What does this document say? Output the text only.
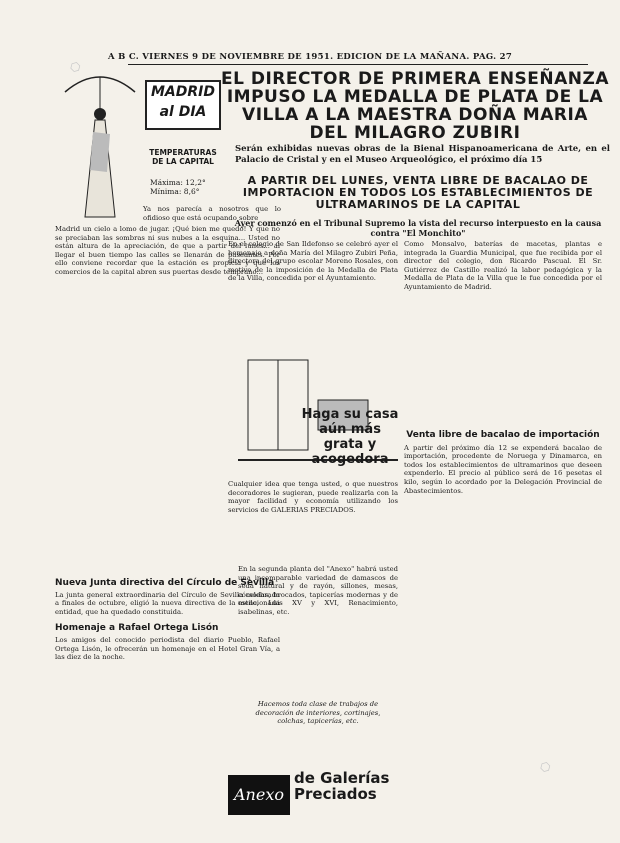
A B C. VIERNES 9 DE NOVIEMBRE DE 1951. EDICION DE LA MAÑANA. PAG. 27
⬡
⬡
MADRID
al DIA
TEMPERATURAS DE LA CAPITAL
Máxima: 12,2°
Mínima: 8,6°
EL DIRECTOR DE PRIMERA ENSEÑANZA IMPUSO LA MEDALLA DE PLATA DE LA VILLA A LA MAESTRA DOÑA MARIA DEL MILAGRO ZUBIRI
Serán exhibidas nuevas obras de la Bienal Hispanoamericana de Arte, en el Palacio de Cristal y en el Museo Arqueológico, el próximo día 15
A PARTIR DEL LUNES, VENTA LIBRE DE BACALAO DE IMPORTACION EN TODOS LOS ESTABLECIMIENTOS DE ULTRAMARINOS DE LA CAPITAL
Ayer comenzó en el Tribunal Supremo la vista del recurso interpuesto en la causa contra "El Monchito"
Ya nos parecía a nosotros que lo ofidioso que está ocupando sobre
Madrid un cielo a lomo de jugar. ¡Qué bien me quedó! Y que no se preciaban las sombras ni sus nubes a la esquina... Usted no están altura de la apreciación, de que a partir del lunes... al llegar el buen tiempo las calles se llenarán de paseantes. Por ello conviene recordar que la estación es propicia y que los comercios de la capital abren sus puertas desde temprano...
Nueva Junta directiva del Círculo de Sevilla
La junta general extraordinaria del Círculo de Sevilla celebrada a finales de octubre, eligió la nueva directiva de la mencionada entidad, que ha quedado constituida.
Homenaje a Rafael Ortega Lisón
Los amigos del conocido periodista del diario Pueblo, Rafael Ortega Lisón, le ofrecerán un homenaje en el Hotel Gran Vía, a las diez de la noche.
En el colegio de San Ildefonso se celebró ayer el homenaje a doña María del Milagro Zubiri Peña, directora del grupo escolar Moreno Rosales, con motivo de la imposición de la Medalla de Plata de la Villa, concedida por el Ayuntamiento.
Cualquier idea que tenga usted, o que nuestros decoradores le sugieran, puede realizarla con la mayor facilidad y economía utilizando los servicios de GALERIAS PRECIADOS.
En la segunda planta del "Anexo" habrá usted una incomparable variedad de damascos de seda natural y de rayón, sillones, mesas, cómodas, brocados, tapicerías modernas y de estilo, Luis XV y XVI, Renacimiento, isabelinas, etc.
Hacemos toda clase de trabajos de decoración de interiores, cortinajes, colchas, tapicerías, etc.
Haga su casa aún más grata y acogedora
Anexo
de Galerías Preciados
Como Monsalvo, baterías de macetas, plantas e integrada la Guardia Municipal, que fue recibida por el director del colegio, don Ricardo Pascual. El Sr. Gutiérrez de Castillo realizó la labor pedagógica y la Medalla de Plata de la Villa que le fue concedida por el Ayuntamiento de Madrid.
Venta libre de bacalao de importación
A partir del próximo día 12 se expenderá bacalao de importación, procedente de Noruega y Dinamarca, en todos los establecimientos de ultramarinos que deseen expenderlo. El precio al público será de 16 pesetas el kilo, según lo acordado por la Delegación Provincial de Abastecimientos.
